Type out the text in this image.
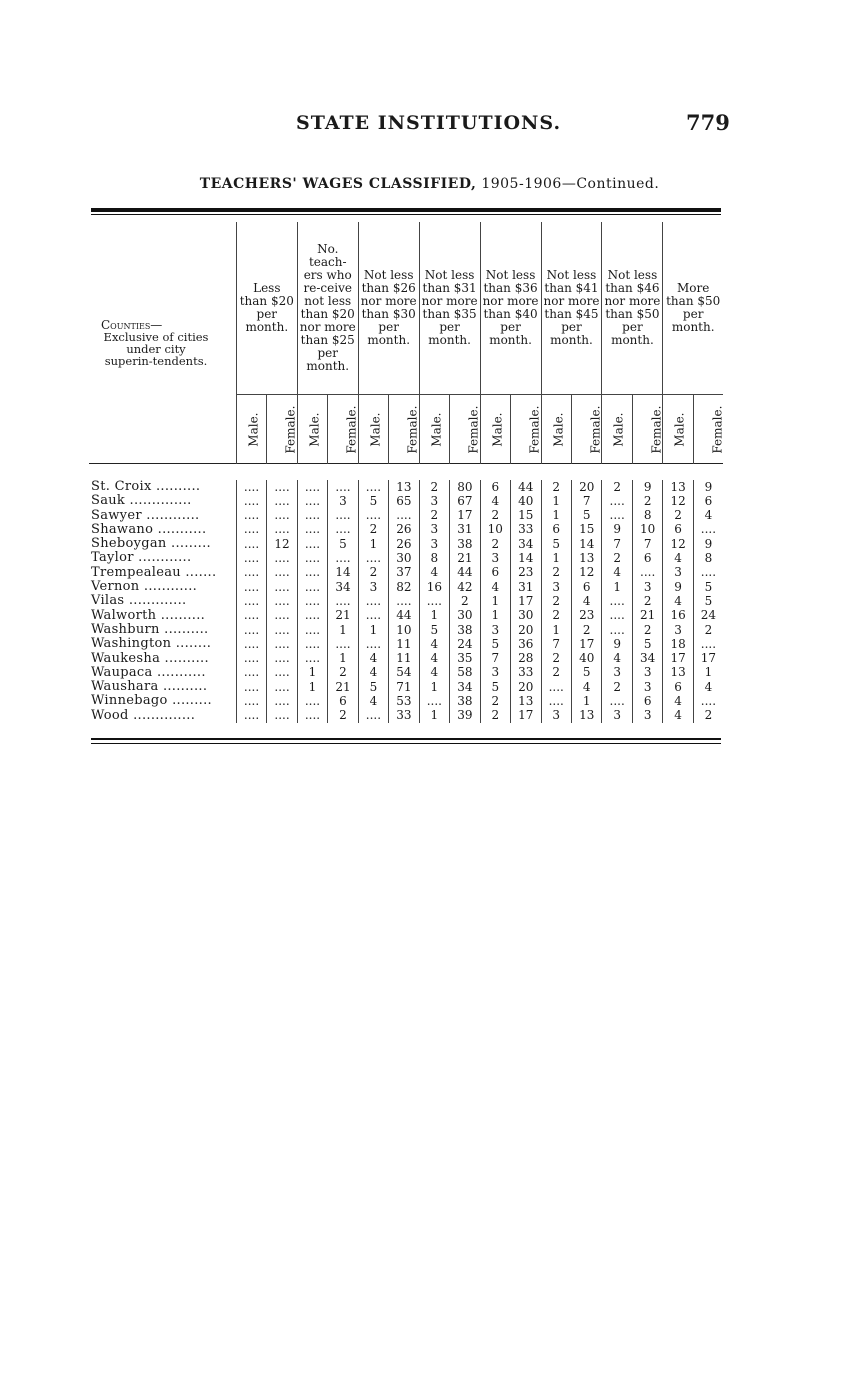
STATE INSTITUTIONS.	779
TEACHERS' WAGES CLASSIFIED, 1905-1906—Continued.
Counties—
Exclusive of cities under city superin-tendents.	Less than $20 per month.		No. teach-ers who re-ceive not less than $20 nor more than $25 per month.		Not less than $26 nor more than $30 per month.		Not less than $31 nor more than $35 per month.		Not less than $36 nor more than $40 per month.		Not less than $41 nor more than $45 per month.		Not less than $46 nor more than $50 per month.		More than $50 per month.	
	Male.	Female.	Male.	Female.	Male.	Female.	Male.	Female.	Male.	Female.	Male.	Female.	Male.	Female.	Male.	Female.

St. Croix ..........	....	....	....	....	....	13	2	80	6	44	2	20	2	9	13	9
Sauk ..............	....	....	....	3	5	65	3	67	4	40	1	7	....	2	12	6
Sawyer ............	....	....	....	....	....	....	2	17	2	15	1	5	....	8	2	4
Shawano ...........	....	....	....	....	2	26	3	31	10	33	6	15	9	10	6	....
Sheboygan .........	....	12	....	5	1	26	3	38	2	34	5	14	7	7	12	9
Taylor ............	....	....	....	....	....	30	8	21	3	14	1	13	2	6	4	8
Trempealeau .......	....	....	....	14	2	37	4	44	6	23	2	12	4	....	3	....
Vernon ............	....	....	....	34	3	82	16	42	4	31	3	6	1	3	9	5
Vilas .............	....	....	....	....	....	....	....	2	1	17	2	4	....	2	4	5
Walworth ..........	....	....	....	21	....	44	1	30	1	30	2	23	....	21	16	24
Washburn ..........	....	....	....	1	1	10	5	38	3	20	1	2	....	2	3	2
Washington ........	....	....	....	....	....	11	4	24	5	36	7	17	9	5	18	....
Waukesha ..........	....	....	....	1	4	11	4	35	7	28	2	40	4	34	17	17
Waupaca ...........	....	....	1	2	4	54	4	58	3	33	2	5	3	3	13	1
Waushara ..........	....	....	1	21	5	71	1	34	5	20	....	4	2	3	6	4
Winnebago .........	....	....	....	6	4	53	....	38	2	13	....	1	....	6	4	....
Wood ..............	....	....	....	2	....	33	1	39	2	17	3	13	3	3	4	2
